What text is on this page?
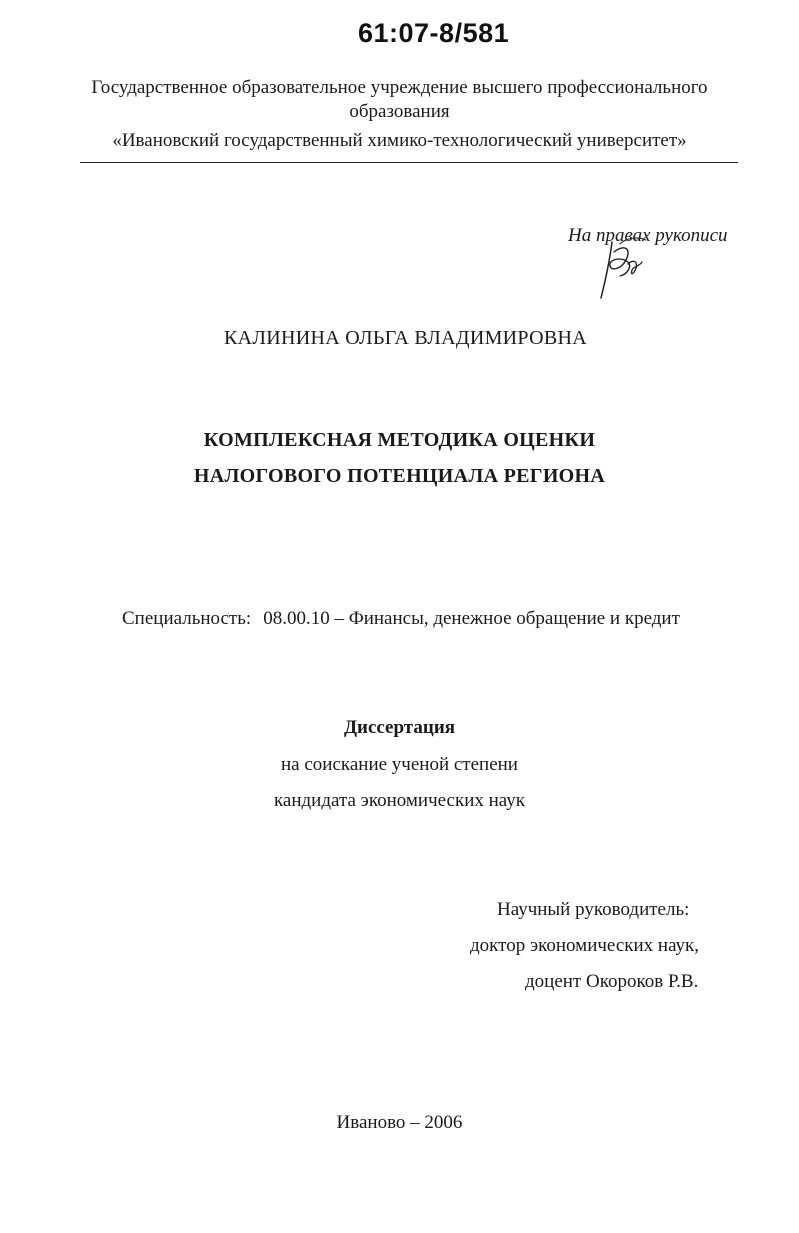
61:07-8/581
Государственное образовательное учреждение высшего профессионального
образования
«Ивановский государственный химико-технологический университет»
На правах рукописи
КАЛИНИНА ОЛЬГА ВЛАДИМИРОВНА
КОМПЛЕКСНАЯ МЕТОДИКА ОЦЕНКИ
НАЛОГОВОГО ПОТЕНЦИАЛА РЕГИОНА
Специальность: 08.00.10 – Финансы, денежное обращение и кредит
Диссертация
на соискание ученой степени
кандидата экономических наук
Научный руководитель:
доктор экономических наук,
доцент Окороков Р.В.
Иваново – 2006
